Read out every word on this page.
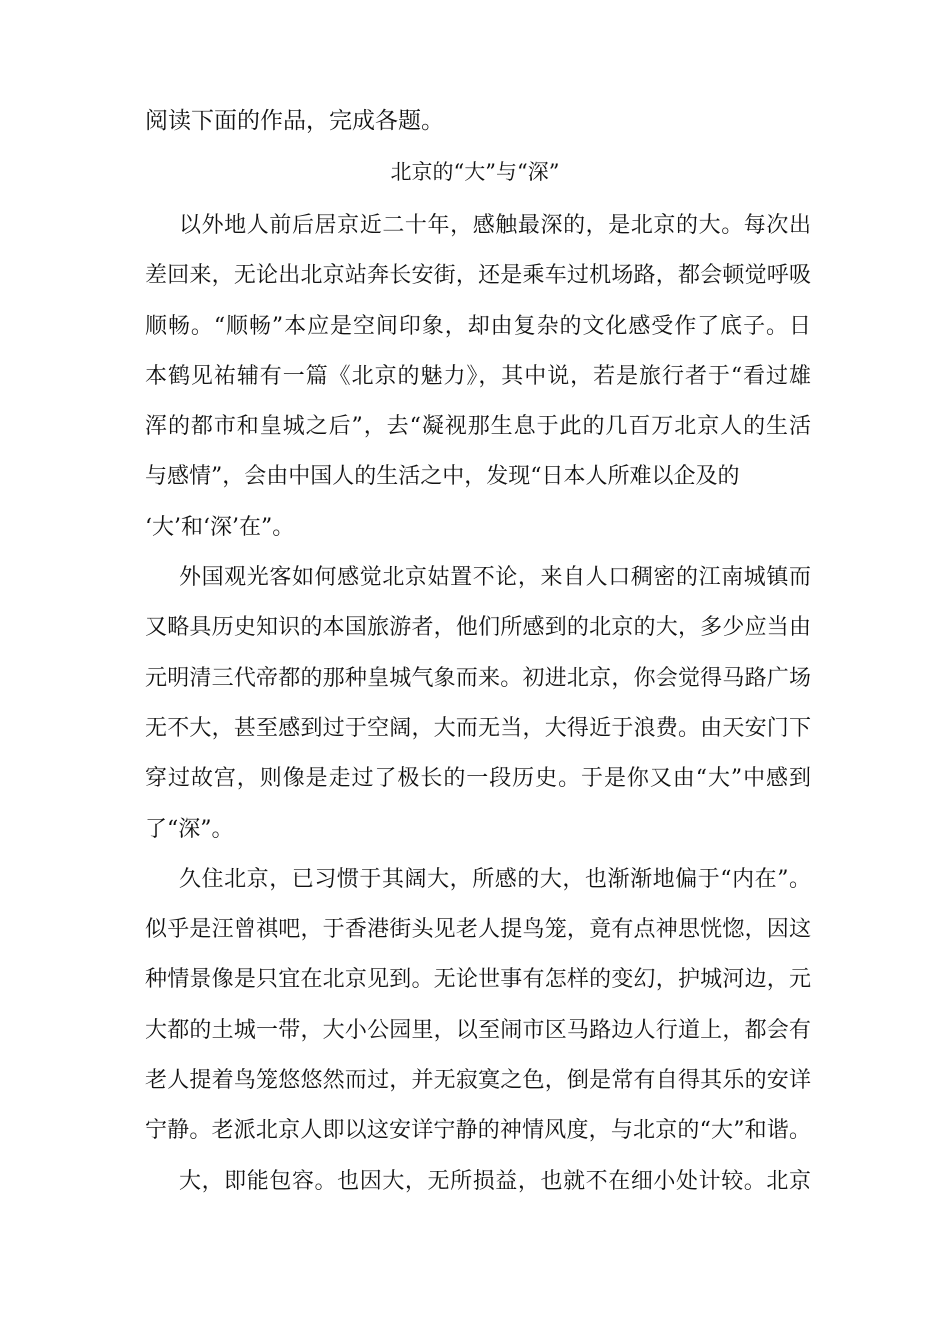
阅读下面的作品，完成各题。
北京的“大”与“深”
以外地人前后居京近二十年，感触最深的，是北京的大。每次出
差回来，无论出北京站奔长安街，还是乘车过机场路，都会顿觉呼吸
顺畅。“顺畅”本应是空间印象，却由复杂的文化感受作了底子。日
本鹤见祐辅有一篇《北京的魅力》，其中说，若是旅行者于“看过雄
浑的都市和皇城之后”，去“凝视那生息于此的几百万北京人的生活
与感情”，会由中国人的生活之中，发现“日本人所难以企及的
‘大’和‘深’在”。
外国观光客如何感觉北京姑置不论，来自人口稠密的江南城镇而
又略具历史知识的本国旅游者，他们所感到的北京的大，多少应当由
元明清三代帝都的那种皇城气象而来。初进北京，你会觉得马路广场
无不大，甚至感到过于空阔，大而无当，大得近于浪费。由天安门下
穿过故宫，则像是走过了极长的一段历史。于是你又由“大”中感到
了“深”。
久住北京，已习惯于其阔大，所感的大，也渐渐地偏于“内在”。
似乎是汪曾祺吧，于香港街头见老人提鸟笼，竟有点神思恍惚，因这
种情景像是只宜在北京见到。无论世事有怎样的变幻，护城河边，元
大都的土城一带，大小公园里，以至闹市区马路边人行道上，都会有
老人提着鸟笼悠悠然而过，并无寂寞之色，倒是常有自得其乐的安详
宁静。老派北京人即以这安详宁静的神情风度，与北京的“大”和谐。
大，即能包容。也因大，无所损益，也就不在细小处计较。北京
